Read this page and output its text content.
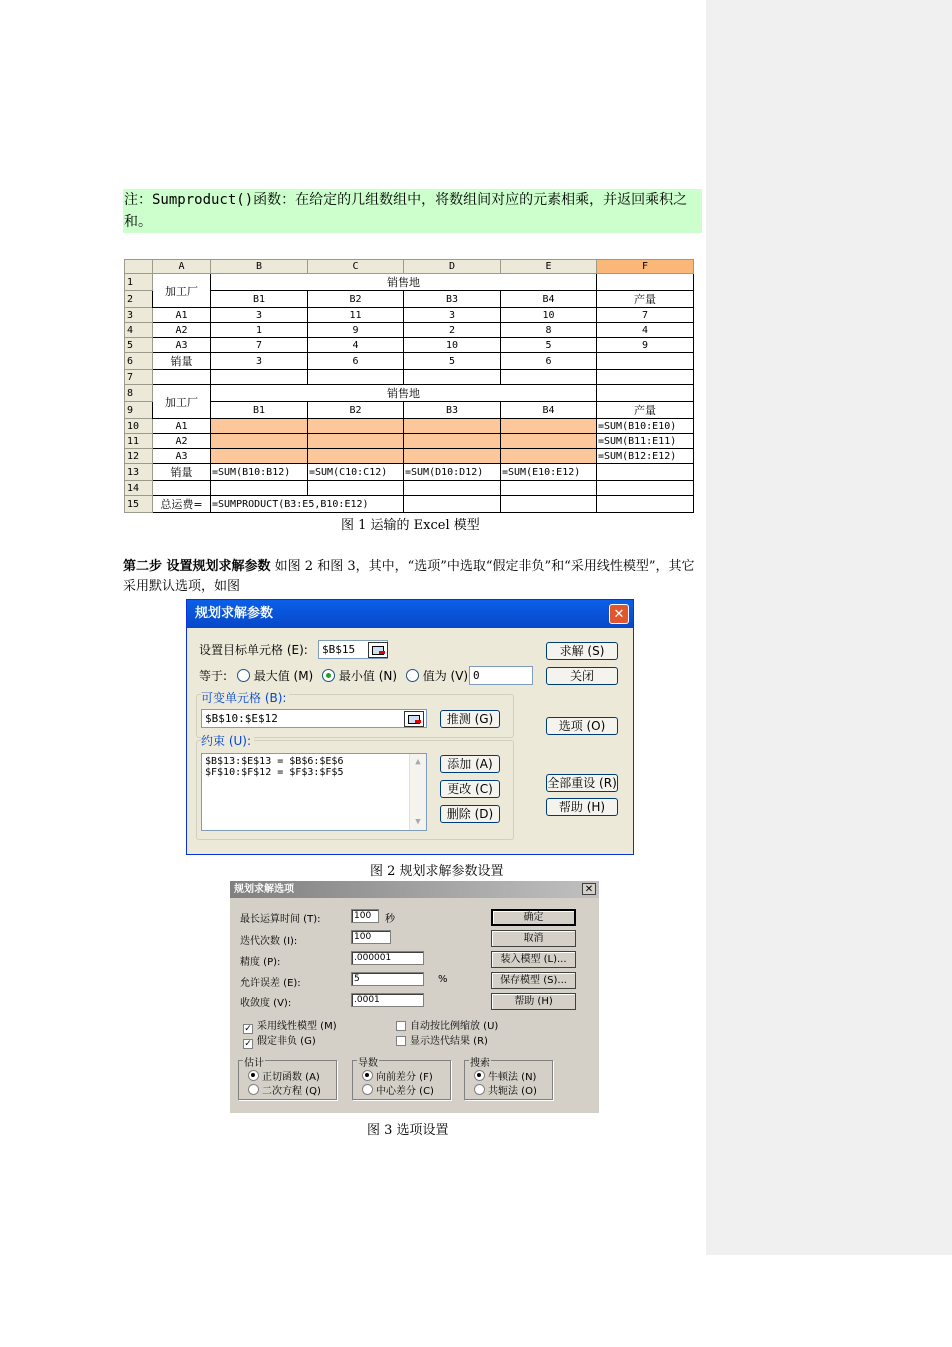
注：Sumproduct()函数：在给定的几组数组中，将数组间对应的元素相乘，并返回乘积之和。
	A	B	C	D	E	F
1	加工厂	销售地				
2		B1	B2	B3	B4	产量
3	A1	3	11	3	10	7
4	A2	1	9	2	8	4
5	A3	7	4	10	5	9
6	销量	3	6	5	6	
7						
8	加工厂	销售地				
9		B1	B2	B3	B4	产量
10	A1					=SUM(B10:E10)
11	A2					=SUM(B11:E11)
12	A3					=SUM(B12:E12)
13	销量	=SUM(B10:B12)	=SUM(C10:C12)	=SUM(D10:D12)	=SUM(E10:E12)	
14						
15	总运费=	=SUMPRODUCT(B3:E5,B10:E12)				
图 1 运输的 Excel 模型
第二步 设置规划求解参数 如图 2 和图 3，其中，“选项”中选取“假定非负”和“采用线性模型”，其它采用默认选项，如图
规划求解参数	✕
设置目标单元格 (E):	$B$15
等于: 最大值 (M) 最小值 (N) 值为 (V) 0
可变单元格 (B):
$B$10:$E$12	推测 (G)
约束 (U):
$B$13:$E$13 = $B$6:$E$6
$F$10:$F$12 = $F$3:$F$5
▲
▼
添加 (A)
更改 (C)
删除 (D)
求解 (S)
关闭
选项 (O)
全部重设 (R)
帮助 (H)
图 2 规划求解参数设置
规划求解选项	✕
最长运算时间 (T):	100	秒
迭代次数 (I):	100
精度 (P):	.000001
允许误差 (E):	5	%
收敛度 (V):	.0001
确定
取消
装入模型 (L)...
保存模型 (S)...
帮助 (H)
✓ 采用线性模型 (M)
✓ 假定非负 (G)
自动按比例缩放 (U)
显示迭代结果 (R)
估计
正切函数 (A)
二次方程 (Q)
导数
向前差分 (F)
中心差分 (C)
搜索
牛顿法 (N)
共轭法 (O)
图 3 选项设置
